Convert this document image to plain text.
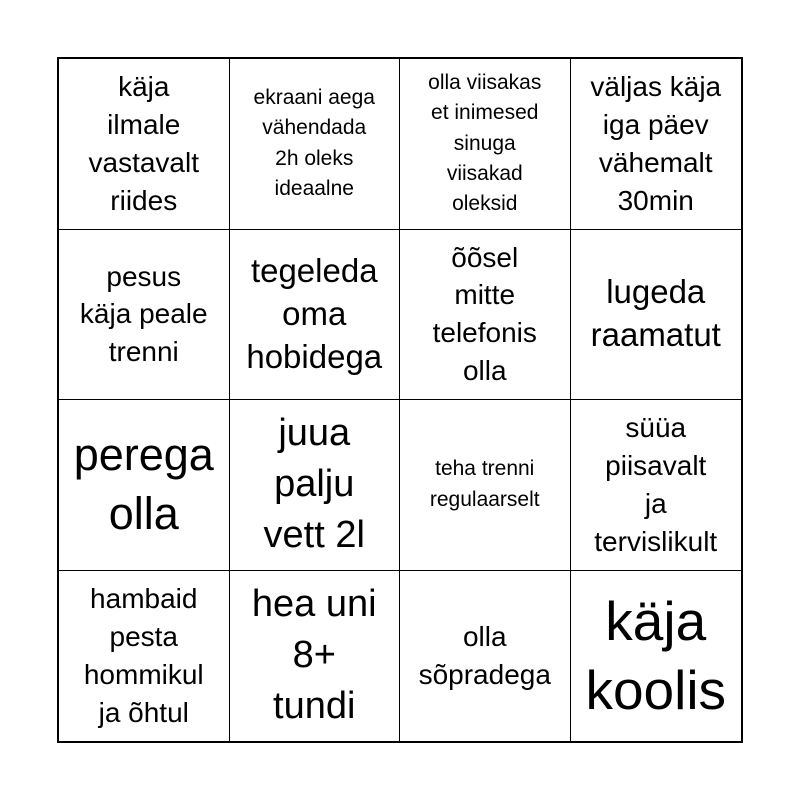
käja
ilmale
vastavalt
riides
ekraani aega
vähendada
2h oleks
ideaalne
olla viisakas
et inimesed
sinuga
viisakad
oleksid
väljas käja
iga päev
vähemalt
30min
pesus
käja peale
trenni
tegeleda
oma
hobidega
õõsel
mitte
telefonis
olla
lugeda
raamatut
perega
olla
juua
palju
vett 2l
teha trenni
regulaarselt
süüa
piisavalt
ja
tervislikult
hambaid
pesta
hommikul
ja õhtul
hea uni
8+
tundi
olla
sõpradega
käja
koolis
